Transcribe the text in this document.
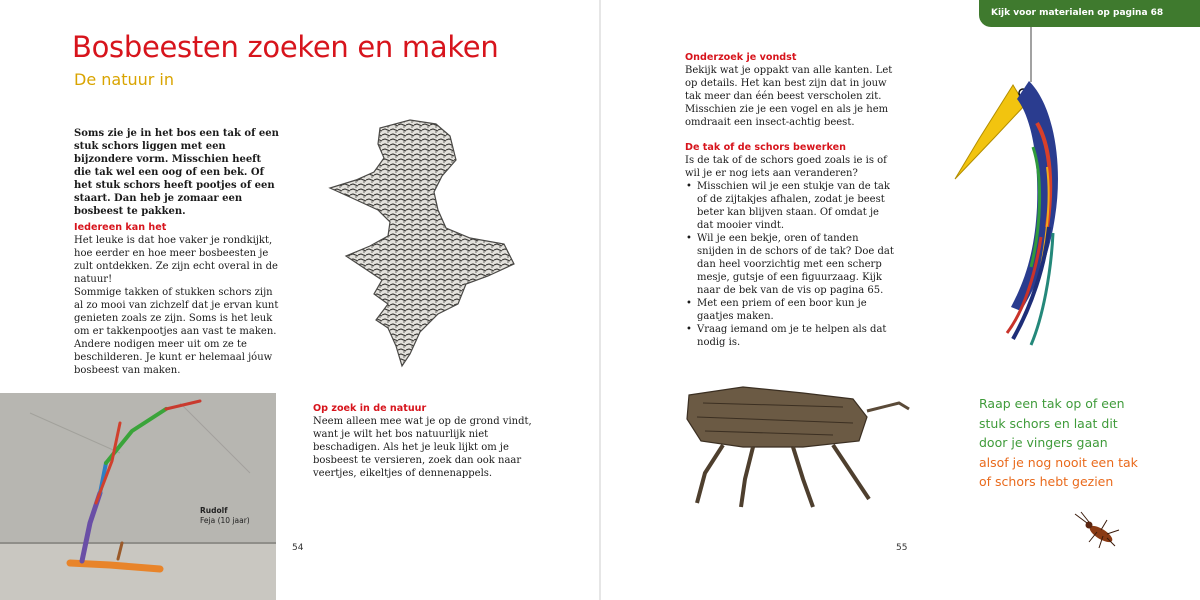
Bosbeesten zoeken en maken
De natuur in

Soms zie je in het bos een tak of een stuk schors liggen met een bijzondere vorm. Misschien heeft die tak wel een oog of een bek. Of het stuk schors heeft pootjes of een staart. Dan heb je zomaar een bosbeest te pakken.

Iedereen kan het

Het leuke is dat hoe vaker je rondkijkt, hoe eerder en hoe meer bosbeesten je zult ontdekken. Ze zijn echt overal in de natuur!

Sommige takken of stukken schors zijn al zo mooi van zichzelf dat je ervan kunt genieten zoals ze zijn. Soms is het leuk om er takkenpootjes aan vast te maken. Andere nodigen meer uit om ze te beschilderen. Je kunt er helemaal jóuw bosbeest van maken.

Op zoek in de natuur

Neem alleen mee wat je op de grond vindt, want je wilt het bos natuurlijk niet beschadigen. Als het je leuk lijkt om je bosbeest te versieren, zoek dan ook naar veertjes, eikeltjes of dennenappels.

Rudolf
Feja (10 jaar)
54
Kijk voor materialen op pagina 68
Onderzoek je vondst

Bekijk wat je oppakt van alle kanten. Let op details. Het kan best zijn dat in jouw tak meer dan één beest verscholen zit. Misschien zie je een vogel en als je hem omdraait een insect-achtig beest.

De tak of de schors bewerken

Is de tak of de schors goed zoals ie is of wil je er nog iets aan veranderen?

• Misschien wil je een stukje van de tak of de zijtakjes afhalen, zodat je beest beter kan blijven staan. Of omdat je dat mooier vindt.
• Wil je een bekje, oren of tanden snijden in de schors of de tak? Doe dat dan heel voorzichtig met een scherp mesje, gutsje of een figuurzaag. Kijk naar de bek van de vis op pagina 65.
• Met een priem of een boor kun je gaatjes maken.
• Vraag iemand om je te helpen als dat nodig is.
Raap een tak op of een
stuk schors en laat dit
door je vingers gaan
alsof je nog nooit een tak
of schors hebt gezien
55
